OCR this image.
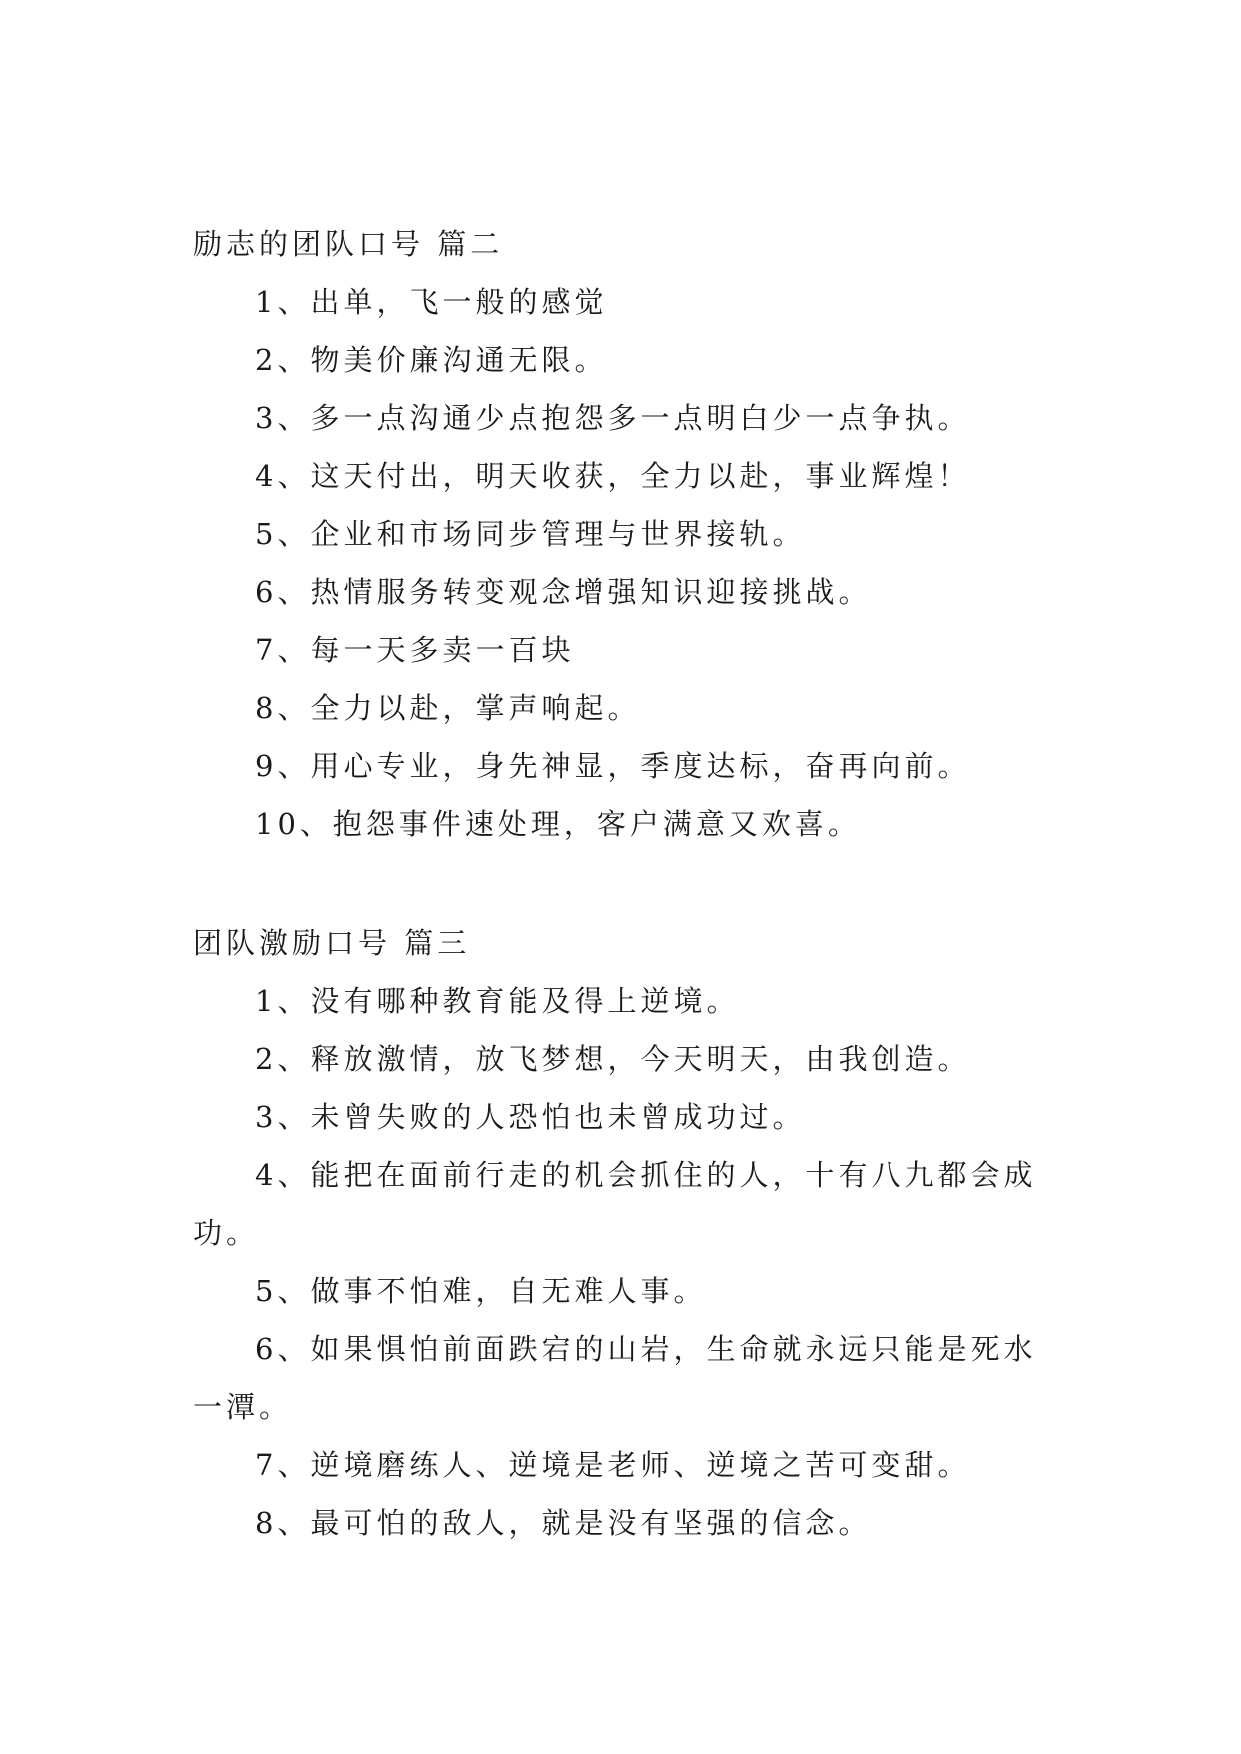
励志的团队口号 篇二

1、出单，飞一般的感觉

2、物美价廉沟通无限。

3、多一点沟通少点抱怨多一点明白少一点争执。

4、这天付出，明天收获，全力以赴，事业辉煌！

5、企业和市场同步管理与世界接轨。

6、热情服务转变观念增强知识迎接挑战。

7、每一天多卖一百块

8、全力以赴，掌声响起。

9、用心专业，身先神显，季度达标，奋再向前。

10、抱怨事件速处理，客户满意又欢喜。

团队激励口号 篇三

1、没有哪种教育能及得上逆境。

2、释放激情，放飞梦想，今天明天，由我创造。

3、未曾失败的人恐怕也未曾成功过。

4、能把在面前行走的机会抓住的人，十有八九都会成功。

5、做事不怕难，自无难人事。

6、如果惧怕前面跌宕的山岩，生命就永远只能是死水一潭。

7、逆境磨练人、逆境是老师、逆境之苦可变甜。

8、最可怕的敌人，就是没有坚强的信念。
